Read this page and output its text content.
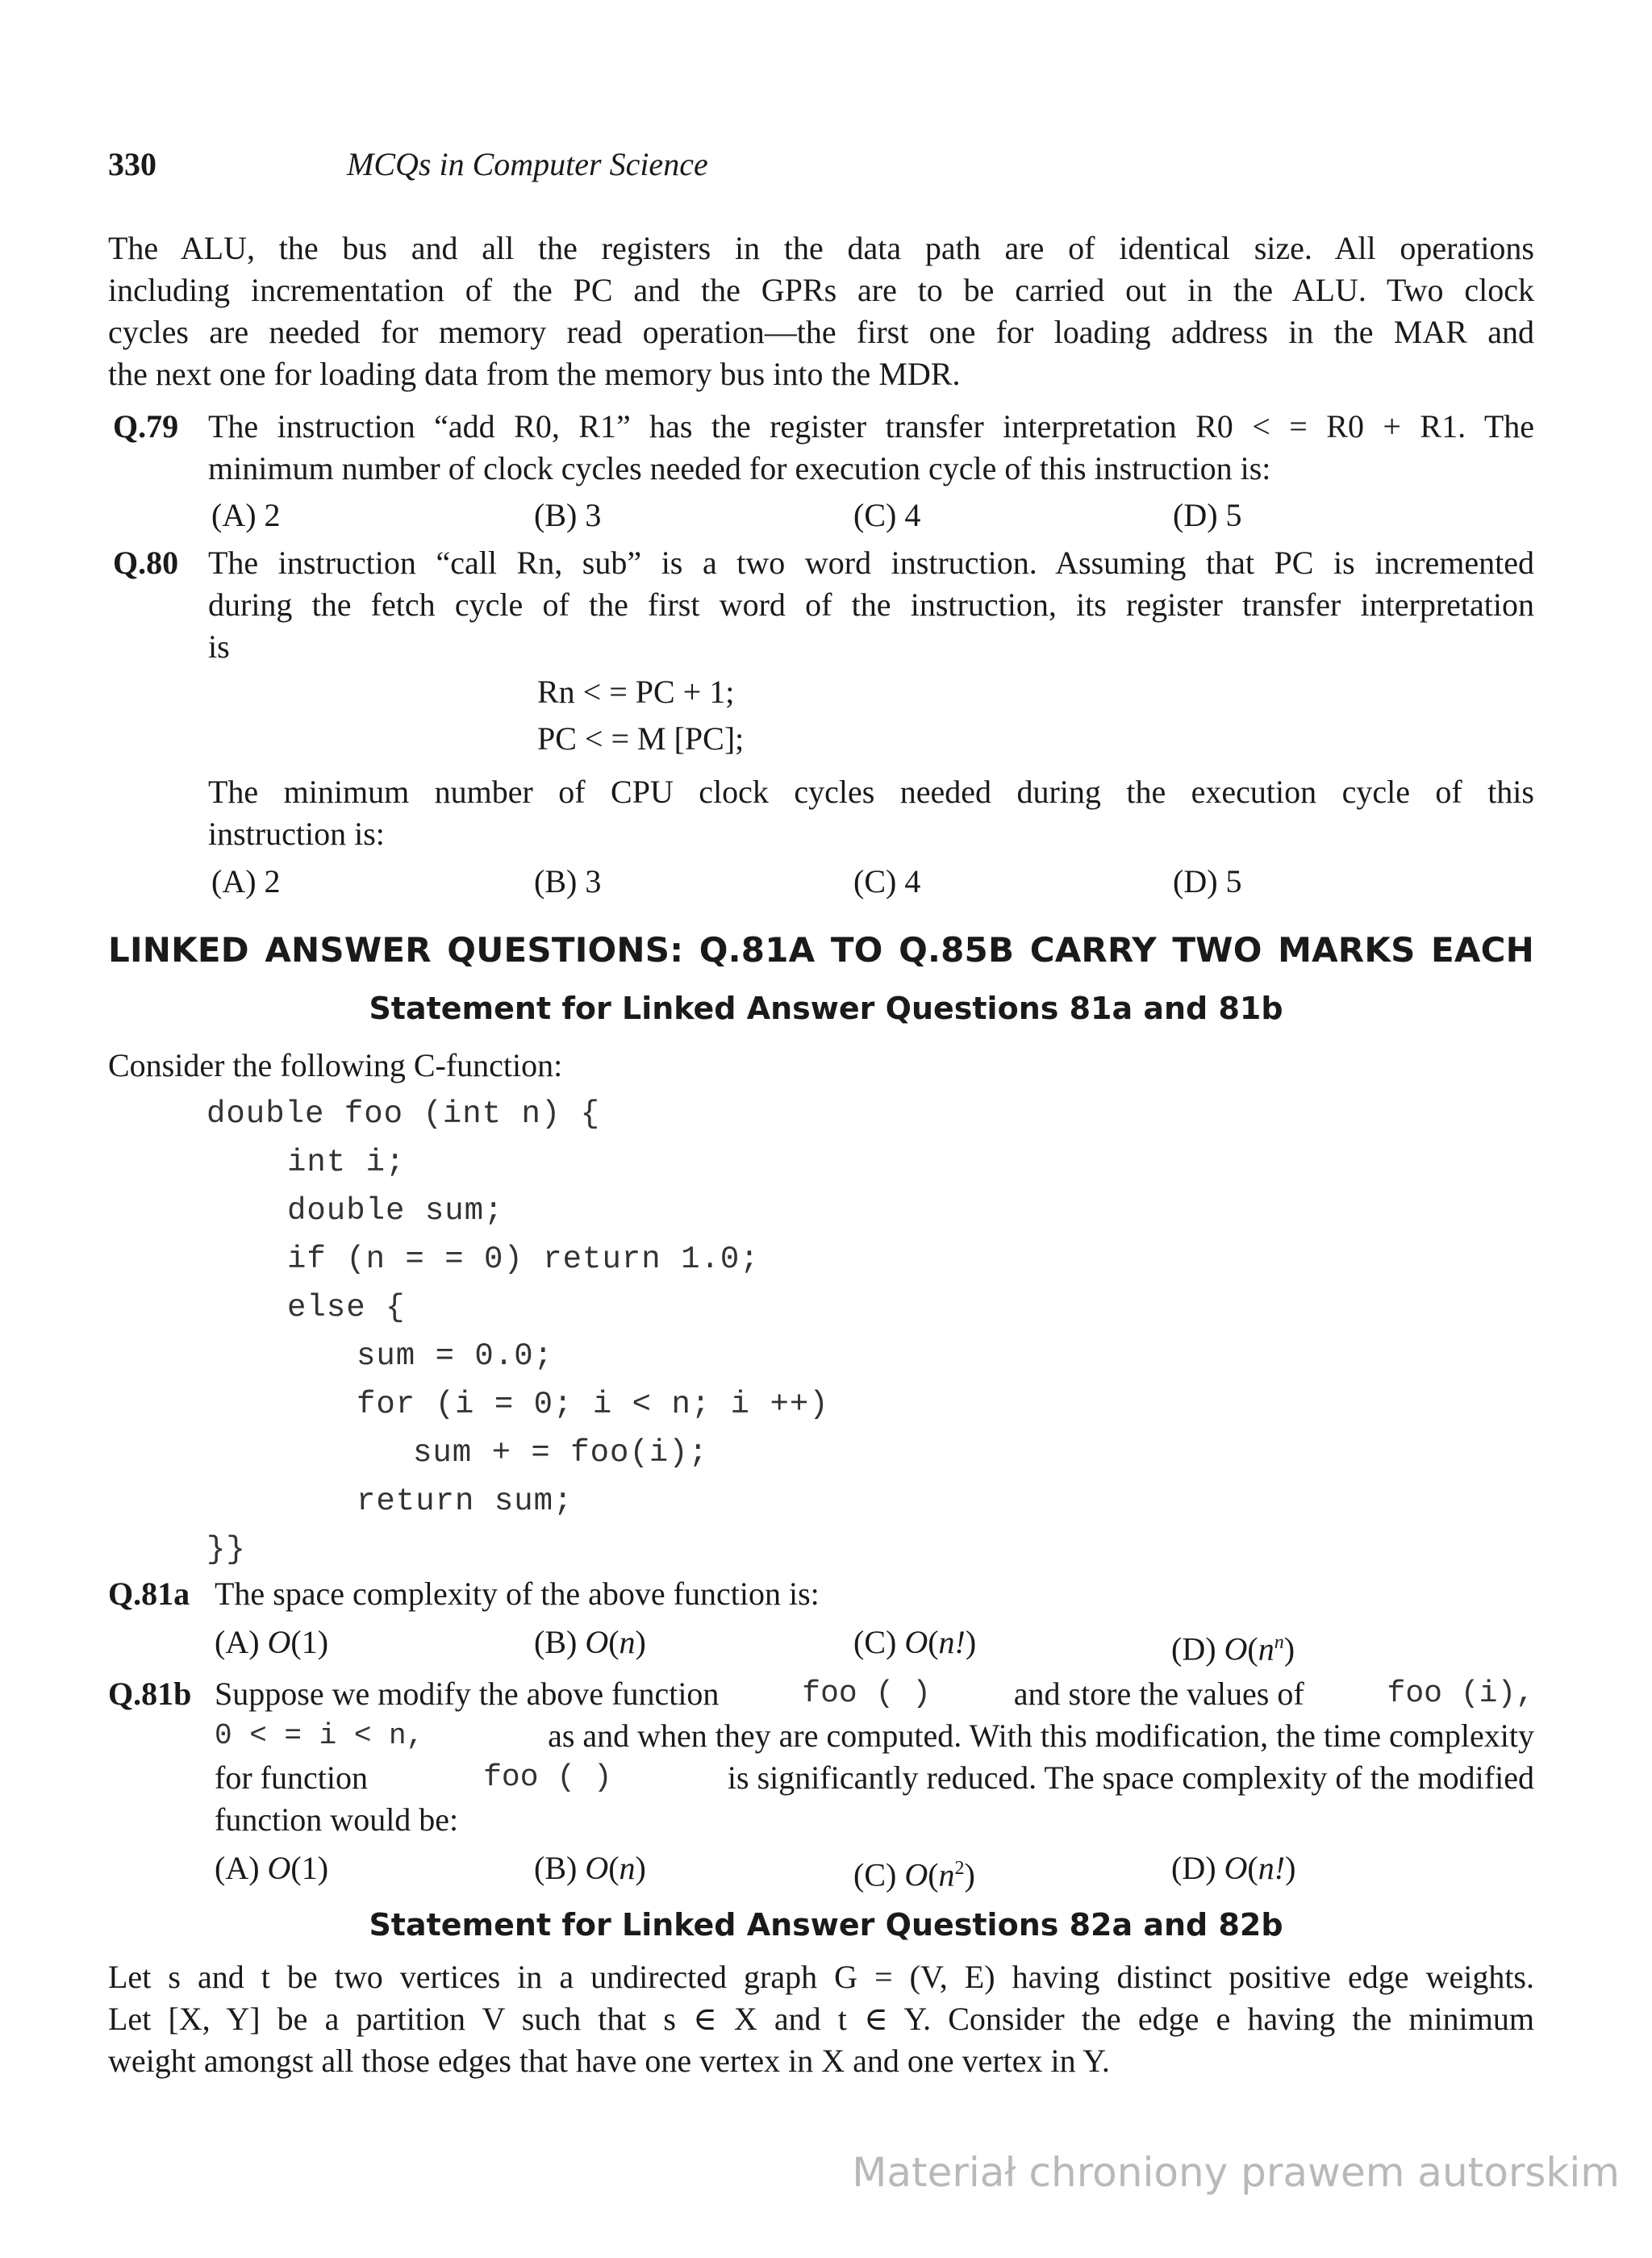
330	MCQs in Computer Science
The ALU, the bus and all the registers in the data path are of identical size. All operations
including incrementation of the PC and the GPRs are to be carried out in the ALU. Two clock
cycles are needed for memory read operation—the first one for loading address in the MAR and
the next one for loading data from the memory bus into the MDR.
Q.79 The instruction “add R0, R1” has the register transfer interpretation R0 < = R0 + R1. The
minimum number of clock cycles needed for execution cycle of this instruction is:
(A) 2	(B) 3	(C) 4	(D) 5
Q.80 The instruction “call Rn, sub” is a two word instruction. Assuming that PC is incremented
during the fetch cycle of the first word of the instruction, its register transfer interpretation
is
Rn < = PC + 1;
PC < = M [PC];
The minimum number of CPU clock cycles needed during the execution cycle of this
instruction is:
(A) 2	(B) 3	(C) 4	(D) 5
LINKED ANSWER QUESTIONS: Q.81A TO Q.85B CARRY TWO MARKS EACH
Statement for Linked Answer Questions 81a and 81b
Consider the following C-function:

double foo (int n) {

int i;

double sum;

if (n = = 0) return 1.0;

else {

sum = 0.0;

for (i = 0; i < n; i ++)

sum + = foo(i);

return sum;

}}

Q.81a The space complexity of the above function is:
(A) O(1)	(B) O(n)	(C) O(n!)	(D) $O(n^n)$
Q.81b Suppose we modify the above function	foo ( )	and store the values of	foo (i),
0 < = i < n,	as and when they are computed. With this modification, the time complexity
for function	foo ( )	is significantly reduced. The space complexity of the modified
function would be:
(A) O(1)	(B) O(n)	(C) $O(n^2)$	(D) O(n!)
Statement for Linked Answer Questions 82a and 82b
Let s and t be two vertices in a undirected graph G = (V, E) having distinct positive edge weights.
Let [X, Y] be a partition V such that s ∈ X and t ∈ Y. Consider the edge e having the minimum
weight amongst all those edges that have one vertex in X and one vertex in Y.
Materiał chroniony prawem autorskim
